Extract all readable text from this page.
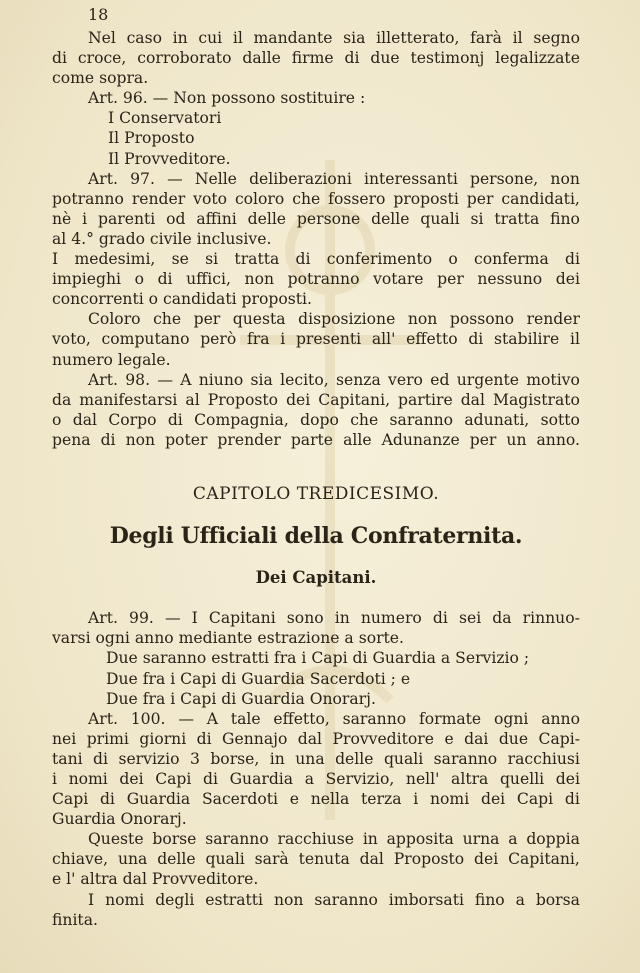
18
Nel caso in cui il mandante sia illetterato, farà il segno
di croce, corroborato dalle firme di due testimonj legalizzate
come sopra.
Art. 96. — Non possono sostituire :
I Conservatori
Il Proposto
Il Provveditore.
Art. 97. — Nelle deliberazioni interessanti persone, non
potranno render voto coloro che fossero proposti per candidati,
nè i parenti od affini delle persone delle quali si tratta fino
al 4.° grado civile inclusive.
I medesimi, se si tratta di conferimento o conferma di
impieghi o di uffici, non potranno votare per nessuno dei
concorrenti o candidati proposti.
Coloro che per questa disposizione non possono render
voto, computano però fra i presenti all' effetto di stabilire il
numero legale.
Art. 98. — A niuno sia lecito, senza vero ed urgente motivo
da manifestarsi al Proposto dei Capitani, partire dal Magistrato
o dal Corpo di Compagnia, dopo che saranno adunati, sotto
pena di non poter prender parte alle Adunanze per un anno.
CAPITOLO TREDICESIMO.
Degli Ufficiali della Confraternita.
Dei Capitani.
Art. 99. — I Capitani sono in numero di sei da rinnuo-
varsi ogni anno mediante estrazione a sorte.
Due saranno estratti fra i Capi di Guardia a Servizio ;
Due fra i Capi di Guardia Sacerdoti ; e
Due fra i Capi di Guardia Onorarj.
Art. 100. — A tale effetto, saranno formate ogni anno
nei primi giorni di Gennajo dal Provveditore e dai due Capi-
tani di servizio 3 borse, in una delle quali saranno racchiusi
i nomi dei Capi di Guardia a Servizio, nell' altra quelli dei
Capi di Guardia Sacerdoti e nella terza i nomi dei Capi di
Guardia Onorarj.
Queste borse saranno racchiuse in apposita urna a doppia
chiave, una delle quali sarà tenuta dal Proposto dei Capitani,
e l' altra dal Provveditore.
I nomi degli estratti non saranno imborsati fino a borsa
finita.
